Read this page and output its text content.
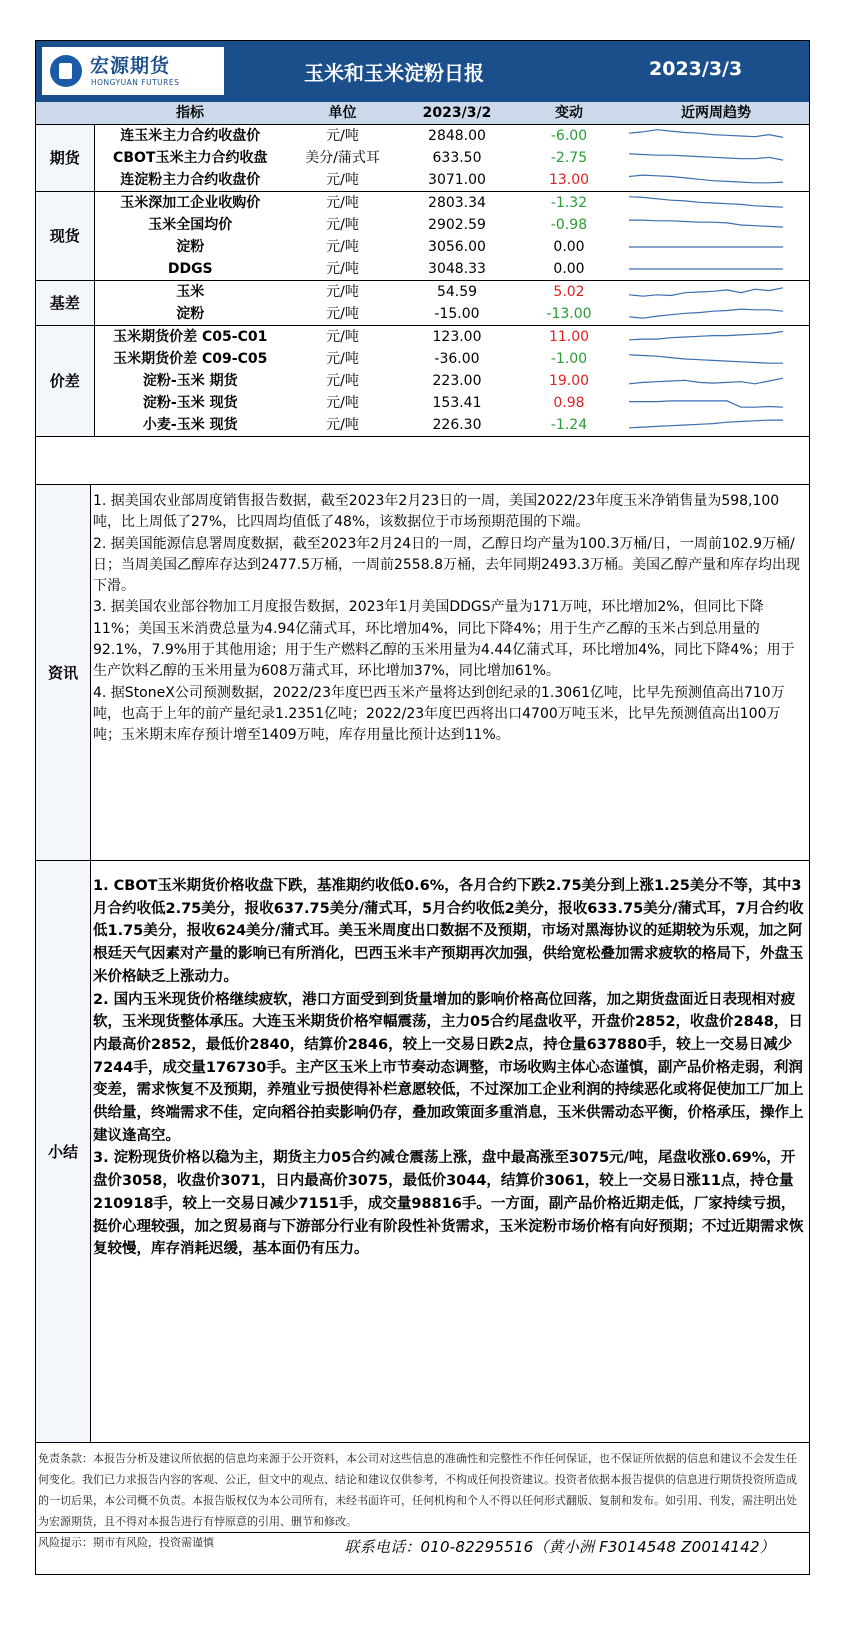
宏源期货
HONGYUAN FUTURES	玉米和玉米淀粉日报	2023/3/3
	指标	单位	2023/3/2	变动	近两周趋势
期货	连玉米主力合约收盘价	元/吨	2848.00	-6.00	

	CBOT玉米主力合约收盘	美分/蒲式耳	633.50	-2.75	

	连淀粉主力合约收盘价	元/吨	3071.00	13.00	

现货	玉米深加工企业收购价	元/吨	2803.34	-1.32	

	玉米全国均价	元/吨	2902.59	-0.98	

	淀粉	元/吨	3056.00	0.00	

	DDGS	元/吨	3048.33	0.00	

基差	玉米	元/吨	54.59	5.02	

	淀粉	元/吨	-15.00	-13.00	

价差	玉米期货价差 C05-C01	元/吨	123.00	11.00	

	玉米期货价差 C09-C05	元/吨	-36.00	-1.00	

	淀粉-玉米 期货	元/吨	223.00	19.00	

	淀粉-玉米 现货	元/吨	153.41	0.98	

	小麦-玉米 现货	元/吨	226.30	-1.24	
资讯

1. 据美国农业部周度销售报告数据，截至2023年2月23日的一周，美国2022/23年度玉米净销售量为598,100吨，比上周低了27%，比四周均值低了48%，该数据位于市场预期范围的下端。

2. 据美国能源信息署周度数据，截至2023年2月24日的一周，乙醇日均产量为100.3万桶/日，一周前102.9万桶/日；当周美国乙醇库存达到2477.5万桶，一周前2558.8万桶，去年同期2493.3万桶。美国乙醇产量和库存均出现下滑。

3. 据美国农业部谷物加工月度报告数据，2023年1月美国DDGS产量为171万吨，环比增加2%，但同比下降11%；美国玉米消费总量为4.94亿蒲式耳，环比增加4%，同比下降4%；用于生产乙醇的玉米占到总用量的92.1%，7.9%用于其他用途；用于生产燃料乙醇的玉米用量为4.44亿蒲式耳，环比增加4%，同比下降4%；用于生产饮料乙醇的玉米用量为608万蒲式耳，环比增加37%，同比增加61%。

4. 据StoneX公司预测数据，2022/23年度巴西玉米产量将达到创纪录的1.3061亿吨，比早先预测值高出710万吨，也高于上年的前产量纪录1.2351亿吨；2022/23年度巴西将出口4700万吨玉米，比早先预测值高出100万吨；玉米期末库存预计增至1409万吨，库存用量比预计达到11%。

小结

1. CBOT玉米期货价格收盘下跌，基准期约收低0.6%，各月合约下跌2.75美分到上涨1.25美分不等，其中3月合约收低2.75美分，报收637.75美分/蒲式耳，5月合约收低2美分，报收633.75美分/蒲式耳，7月合约收低1.75美分，报收624美分/蒲式耳。美玉米周度出口数据不及预期，市场对黑海协议的延期较为乐观，加之阿根廷天气因素对产量的影响已有所消化，巴西玉米丰产预期再次加强，供给宽松叠加需求疲软的格局下，外盘玉米价格缺乏上涨动力。

2. 国内玉米现货价格继续疲软，港口方面受到到货量增加的影响价格高位回落，加之期货盘面近日表现相对疲软，玉米现货整体承压。大连玉米期货价格窄幅震荡，主力05合约尾盘收平，开盘价2852，收盘价2848，日内最高价2852，最低价2840，结算价2846，较上一交易日跌2点，持仓量637880手，较上一交易日减少7244手，成交量176730手。主产区玉米上市节奏动态调整，市场收购主体心态谨慎，副产品价格走弱，利润变差，需求恢复不及预期，养殖业亏损使得补栏意愿较低，不过深加工企业利润的持续恶化或将促使加工厂加上供给量，终端需求不佳，定向稻谷拍卖影响仍存，叠加政策面多重消息，玉米供需动态平衡，价格承压，操作上建议逢高空。

3. 淀粉现货价格以稳为主，期货主力05合约减仓震荡上涨，盘中最高涨至3075元/吨，尾盘收涨0.69%，开盘价3058，收盘价3071，日内最高价3075，最低价3044，结算价3061，较上一交易日涨11点，持仓量210918手，较上一交易日减少7151手，成交量98816手。一方面，副产品价格近期走低，厂家持续亏损，挺价心理较强，加之贸易商与下游部分行业有阶段性补货需求，玉米淀粉市场价格有向好预期；不过近期需求恢复较慢，库存消耗迟缓，基本面仍有压力。

免责条款：本报告分析及建议所依据的信息均来源于公开资料，本公司对这些信息的准确性和完整性不作任何保证，也不保证所依据的信息和建议不会发生任何变化。我们已力求报告内容的客观、公正，但文中的观点、结论和建议仅供参考，不构成任何投资建议。投资者依据本报告提供的信息进行期货投资所造成的一切后果，本公司概不负责。本报告版权仅为本公司所有，未经书面许可，任何机构和个人不得以任何形式翻版、复制和发布。如引用、刊发，需注明出处为宏源期货，且不得对本报告进行有悖原意的引用、删节和修改。

风险提示：期市有风险，投资需谨慎	联系电话：010-82295516（黄小洲 F3014548 Z0014142）
